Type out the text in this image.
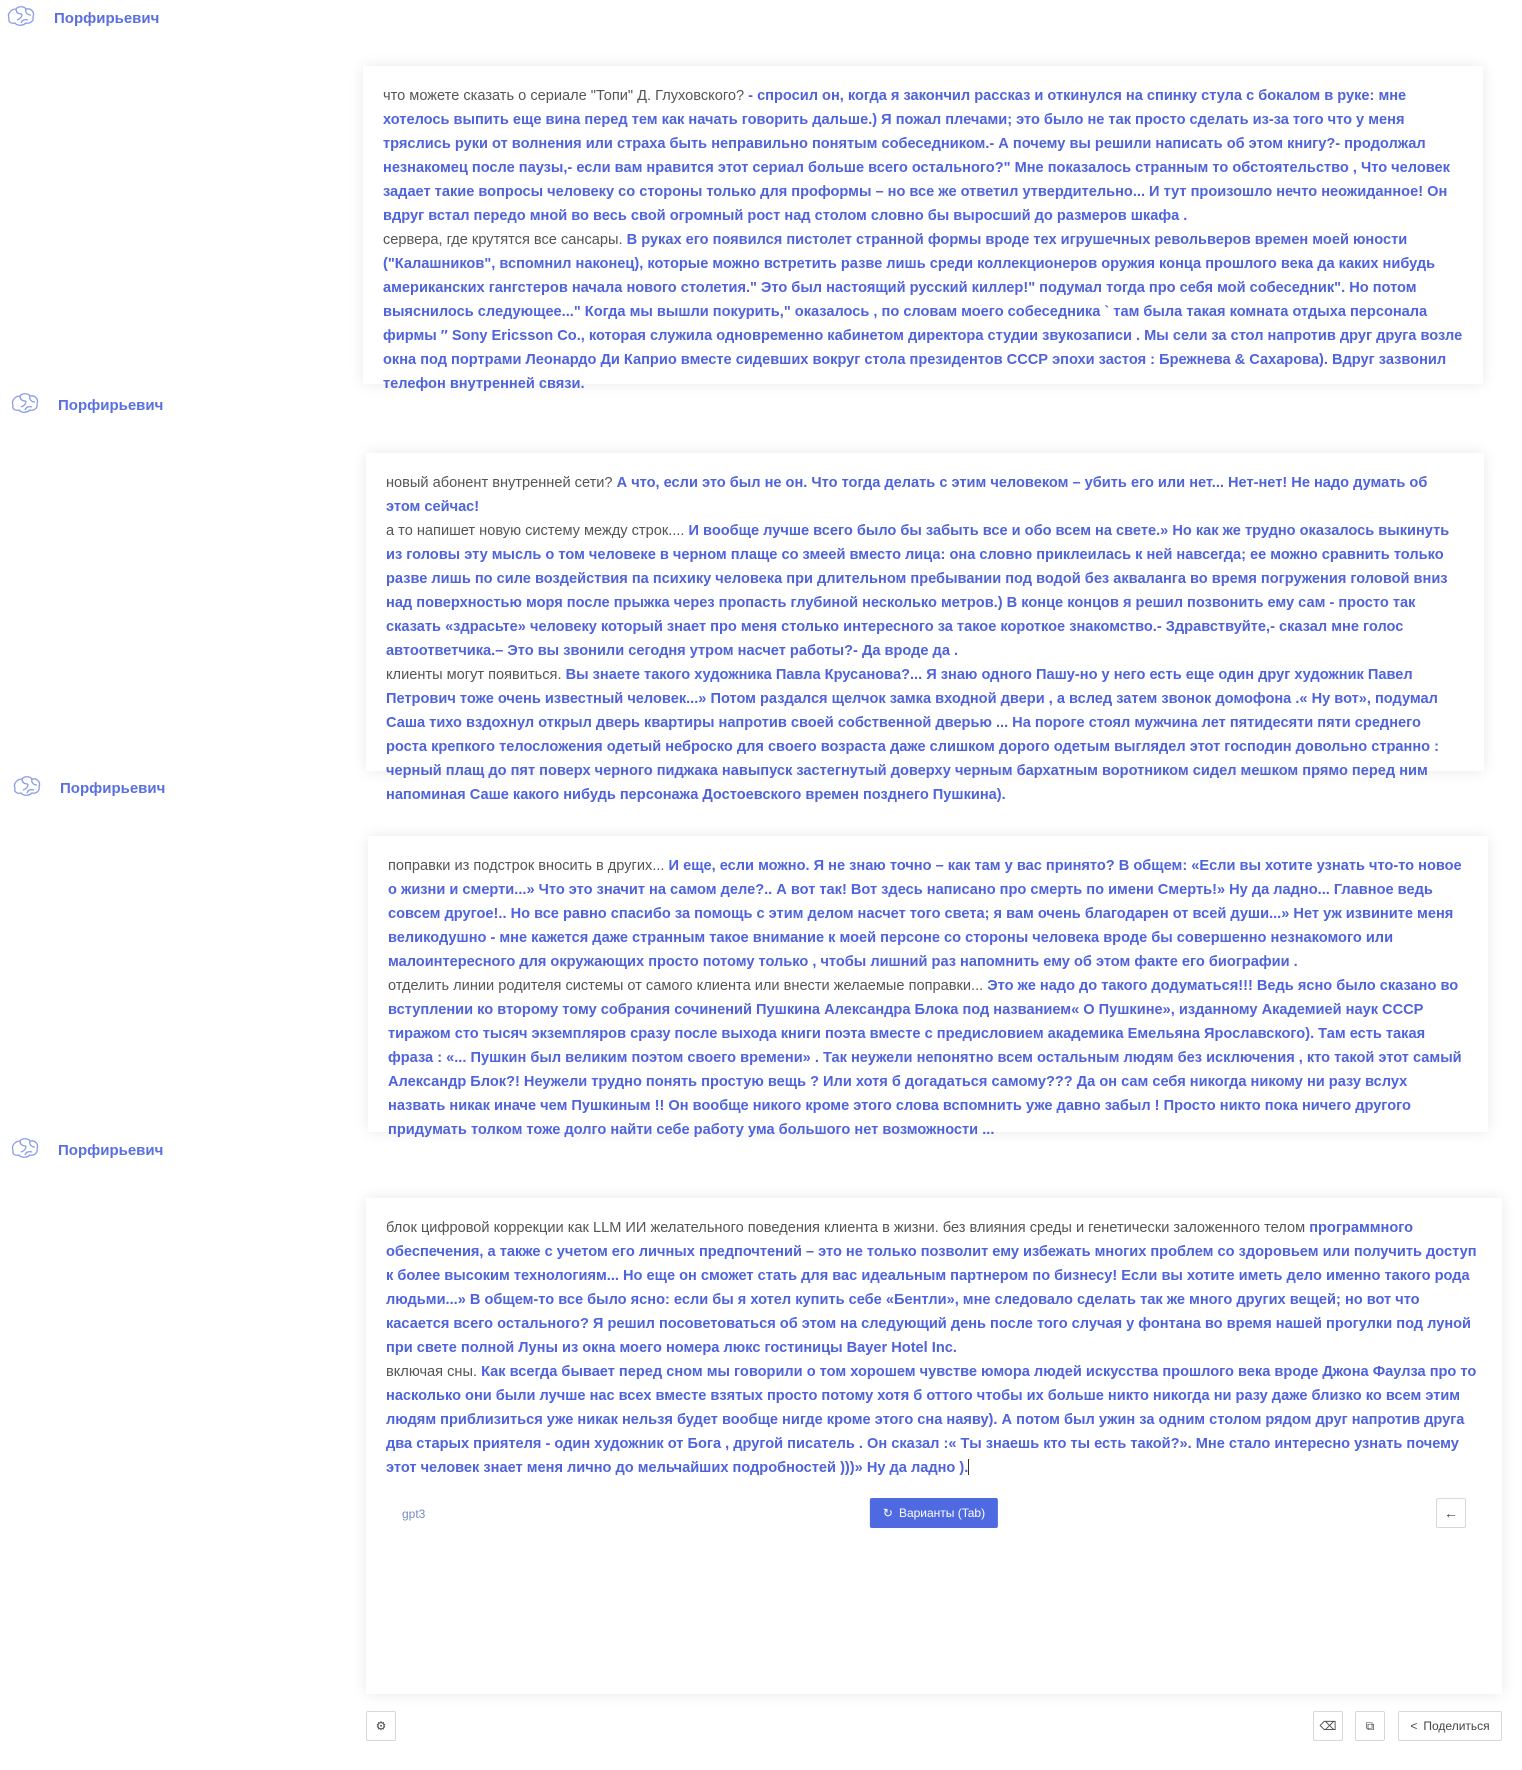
Порфирьевич
Порфирьевич
Порфирьевич
Порфирьевич
что можете сказать о сериале "Топи" Д. Глуховского? - спросил он, когда я закончил рассказ и откинулся на спинку стула с бокалом в руке: мне хотелось выпить еще вина перед тем как начать говорить дальше.) Я пожал плечами; это было не так просто сделать из-за того что у меня тряслись руки от волнения или страха быть неправильно понятым собеседником.- А почему вы решили написать об этом книгу?- продолжал незнакомец после паузы,- если вам нравится этот сериал больше всего остального?" Мне показалось странным то обстоятельство , Что человек задает такие вопросы человеку со стороны только для проформы – но все же ответил утвердительно... И тут произошло нечто неожиданное! Он вдруг встал передо мной во весь свой огромный рост над столом словно бы выросший до размеров шкафа .
сервера, где крутятся все сансары. В руках его появился пистолет странной формы вроде тех игрушечных револьверов времен моей юности ("Калашников", вспомнил наконец), которые можно встретить разве лишь среди коллекционеров оружия конца прошлого века да каких нибудь американских гангстеров начала нового столетия." Это был настоящий русский киллер!" подумал тогда про себя мой собеседник". Но потом выяснилось следующее..." Когда мы вышли покурить," оказалось , по словам моего собеседника ` там была такая комната отдыха персонала фирмы ″ Sony Ericsson Co., которая служила одновременно кабинетом директора студии звукозаписи . Мы сели за стол напротив друг друга возле окна под портрами Леонардо Ди Каприо вместе сидевших вокруг стола президентов СССР эпохи застоя : Брежнева & Сахарова). Вдруг зазвонил телефон внутренней связи.
новый абонент внутренней сети? А что, если это был не он. Что тогда делать с этим человеком – убить его или нет... Нет-нет! Не надо думать об этом сейчас!
а то напишет новую систему между строк.... И вообще лучше всего было бы забыть все и обо всем на свете.» Но как же трудно оказалось выкинуть из головы эту мысль о том человеке в черном плаще со змеей вместо лица: она словно приклеилась к ней навсегда; ее можно сравнить только разве лишь по силе воздействия па психику человека при длительном пребывании под водой без акваланга во время погружения головой вниз над поверхностью моря после прыжка через пропасть глубиной несколько метров.) В конце концов я решил позвонить ему сам - просто так сказать «здрасьте» человеку который знает про меня столько интересного за такое короткое знакомство.- Здравствуйте,- сказал мне голос автоответчика.– Это вы звонили сегодня утром насчет работы?- Да вроде да .
клиенты могут появиться. Вы знаете такого художника Павла Крусанова?... Я знаю одного Пашу-но у него есть еще один друг художник Павел Петрович тоже очень известный человек...» Потом раздался щелчок замка входной двери , а вслед затем звонок домофона .« Ну вот», подумал Саша тихо вздохнул открыл дверь квартиры напротив своей собственной дверью ... На пороге стоял мужчина лет пятидесяти пяти среднего роста крепкого телосложения одетый неброско для своего возраста даже слишком дорого одетым выглядел этот господин довольно странно : черный плащ до пят поверх черного пиджака навыпуск застегнутый доверху черным бархатным воротником сидел мешком прямо перед ним напоминая Саше какого нибудь персонажа Достоевского времен позднего Пушкина).
поправки из подстрок вносить в других... И еще, если можно. Я не знаю точно – как там у вас принято? В общем: «Если вы хотите узнать что-то новое о жизни и смерти...» Что это значит на самом деле?.. А вот так! Вот здесь написано про смерть по имени Смерть!» Ну да ладно... Главное ведь совсем другое!.. Но все равно спасибо за помощь с этим делом насчет того света; я вам очень благодарен от всей души...» Нет уж извините меня великодушно - мне кажется даже странным такое внимание к моей персоне со стороны человека вроде бы совершенно незнакомого или малоинтересного для окружающих просто потому только , чтобы лишний раз напомнить ему об этом факте его биографии .
отделить линии родителя системы от самого клиента или внести желаемые поправки... Это же надо до такого додуматься!!! Ведь ясно было сказано во вступлении ко второму тому собрания сочинений Пушкина Александра Блока под названием« О Пушкине», изданному Академией наук СССР тиражом сто тысяч экземпляров сразу после выхода книги поэта вместе с предисловием академика Емельяна Ярославского). Там есть такая фраза : «... Пушкин был великим поэтом своего времени» . Так неужели непонятно всем остальным людям без исключения , кто такой этот самый Александр Блок?! Неужели трудно понять простую вещь ? Или хотя б догадаться самому??? Да он сам себя никогда никому ни разу вслух назвать никак иначе чем Пушкиным !! Он вообще никого кроме этого слова вспомнить уже давно забыл ! Просто никто пока ничего другого придумать толком тоже долго найти себе работу ума большого нет возможности ...
блок цифровой коррекции как LLM ИИ желательного поведения клиента в жизни. без влияния среды и генетически заложенного телом программного обеспечения, а также с учетом его личных предпочтений – это не только позволит ему избежать многих проблем со здоровьем или получить доступ к более высоким технологиям... Но еще он сможет стать для вас идеальным партнером по бизнесу! Если вы хотите иметь дело именно такого рода людьми...» В общем-то все было ясно: если бы я хотел купить себе «Бентли», мне следовало сделать так же много других вещей; но вот что касается всего остального? Я решил посоветоваться об этом на следующий день после того случая у фонтана во время нашей прогулки под луной при свете полной Луны из окна моего номера люкс гостиницы Bayer Hotel Inc.
включая сны. Как всегда бывает перед сном мы говорили о том хорошем чувстве юмора людей искусства прошлого века вроде Джона Фаулза про то насколько они были лучше нас всех вместе взятых просто потому хотя б оттого чтобы их больше никто никогда ни разу даже близко ко всем этим людям приблизиться уже никак нельзя будет вообще нигде кроме этого сна наяву). А потом был ужин за одним столом рядом друг напротив друга два старых приятеля - один художник от Бога , другой писатель . Он сказал :« Ты знаешь кто ты есть такой?». Мне стало интересно узнать почему этот человек знает меня лично до мельчайших подробностей )))» Ну да ладно ).
gpt3	↻ Варианты (Tab)	←
⚙	⌫ ⧉	< Поделиться
